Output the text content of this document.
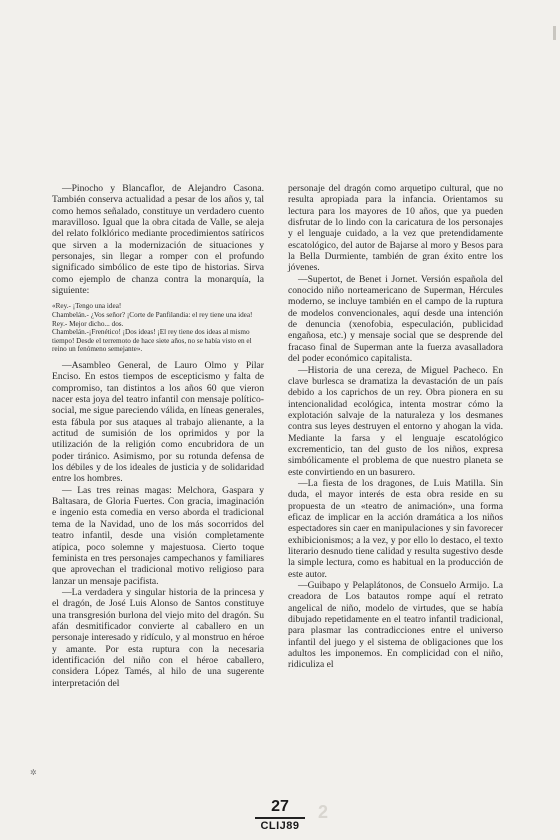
—Pinocho y Blancaflor, de Alejandro Casona. También conserva actualidad a pesar de los años y, tal como hemos señalado, constituye un verdadero cuento maravilloso. Igual que la obra citada de Valle, se aleja del relato folklórico mediante procedimientos satíricos que sirven a la modernización de situaciones y personajes, sin llegar a romper con el profundo significado simbólico de este tipo de historias. Sirva como ejemplo de chanza contra la monarquía, la siguiente:

«Rey.- ¡Tengo una idea!

Chambelán.- ¿Vos señor? ¡Corte de Panfilandia: el rey tiene una idea!

Rey.- Mejor dicho... dos.

Chambelán.-¡Frenético! ¡Dos ideas! ¡El rey tiene dos ideas al mismo tiempo! Desde el terremoto de hace siete años, no se había visto en el reino un fenómeno semejante».

—Asambleo General, de Lauro Olmo y Pilar Enciso. En estos tiempos de escepticismo y falta de compromiso, tan distintos a los años 60 que vieron nacer esta joya del teatro infantil con mensaje político-social, me sigue pareciendo válida, en líneas generales, esta fábula por sus ataques al trabajo alienante, a la actitud de sumisión de los oprimidos y por la utilización de la religión como encubridora de un poder tiránico. Asimismo, por su rotunda defensa de los débiles y de los ideales de justicia y de solidaridad entre los hombres.

— Las tres reinas magas: Melchora, Gaspara y Baltasara, de Gloria Fuertes. Con gracia, imaginación e ingenio esta comedia en verso aborda el tradicional tema de la Navidad, uno de los más socorridos del teatro infantil, desde una visión completamente atípica, poco solemne y majestuosa. Cierto toque feminista en tres personajes campechanos y familiares que aprovechan el tradicional motivo religioso para lanzar un mensaje pacifista.

—La verdadera y singular historia de la princesa y el dragón, de José Luis Alonso de Santos constituye una transgresión burlona del viejo mito del dragón. Su afán desmitificador convierte al caballero en un personaje interesado y ridículo, y al monstruo en héroe y amante. Por esta ruptura con la necesaria identificación del niño con el héroe caballero, considera López Tamés, al hilo de una sugerente interpretación del

personaje del dragón como arquetipo cultural, que no resulta apropiada para la infancia. Orientamos su lectura para los mayores de 10 años, que ya pueden disfrutar de lo lindo con la caricatura de los personajes y el lenguaje cuidado, a la vez que pretendidamente escatológico, del autor de Bajarse al moro y Besos para la Bella Durmiente, también de gran éxito entre los jóvenes.

—Supertot, de Benet i Jornet. Versión española del conocido niño norteamericano de Superman, Hércules moderno, se incluye también en el campo de la ruptura de modelos convencionales, aquí desde una intención de denuncia (xenofobia, especulación, publicidad engañosa, etc.) y mensaje social que se desprende del fracaso final de Superman ante la fuerza avasalladora del poder económico capitalista.

—Historia de una cereza, de Miguel Pacheco. En clave burlesca se dramatiza la devastación de un país debido a los caprichos de un rey. Obra pionera en su intencionalidad ecológica, intenta mostrar cómo la explotación salvaje de la naturaleza y los desmanes contra sus leyes destruyen el entorno y ahogan la vida. Mediante la farsa y el lenguaje escatológico excrementicio, tan del gusto de los niños, expresa simbólicamente el problema de que nuestro planeta se este convirtiendo en un basurero.

—La fiesta de los dragones, de Luis Matilla. Sin duda, el mayor interés de esta obra reside en su propuesta de un «teatro de animación», una forma eficaz de implicar en la acción dramática a los niños espectadores sin caer en manipulaciones y sin favorecer exhibicionismos; a la vez, y por ello lo destaco, el texto literario desnudo tiene calidad y resulta sugestivo desde la simple lectura, como es habitual en la producción de este autor.

—Guibapo y Pelaplátonos, de Consuelo Armijo. La creadora de Los batautos rompe aquí el retrato angelical de niño, modelo de virtudes, que se había dibujado repetidamente en el teatro infantil tradicional, para plasmar las contradicciones entre el universo infantil del juego y el sistema de obligaciones que los adultos les imponemos. En complicidad con el niño, ridiculiza el

✲
2
27
CLIJ89
